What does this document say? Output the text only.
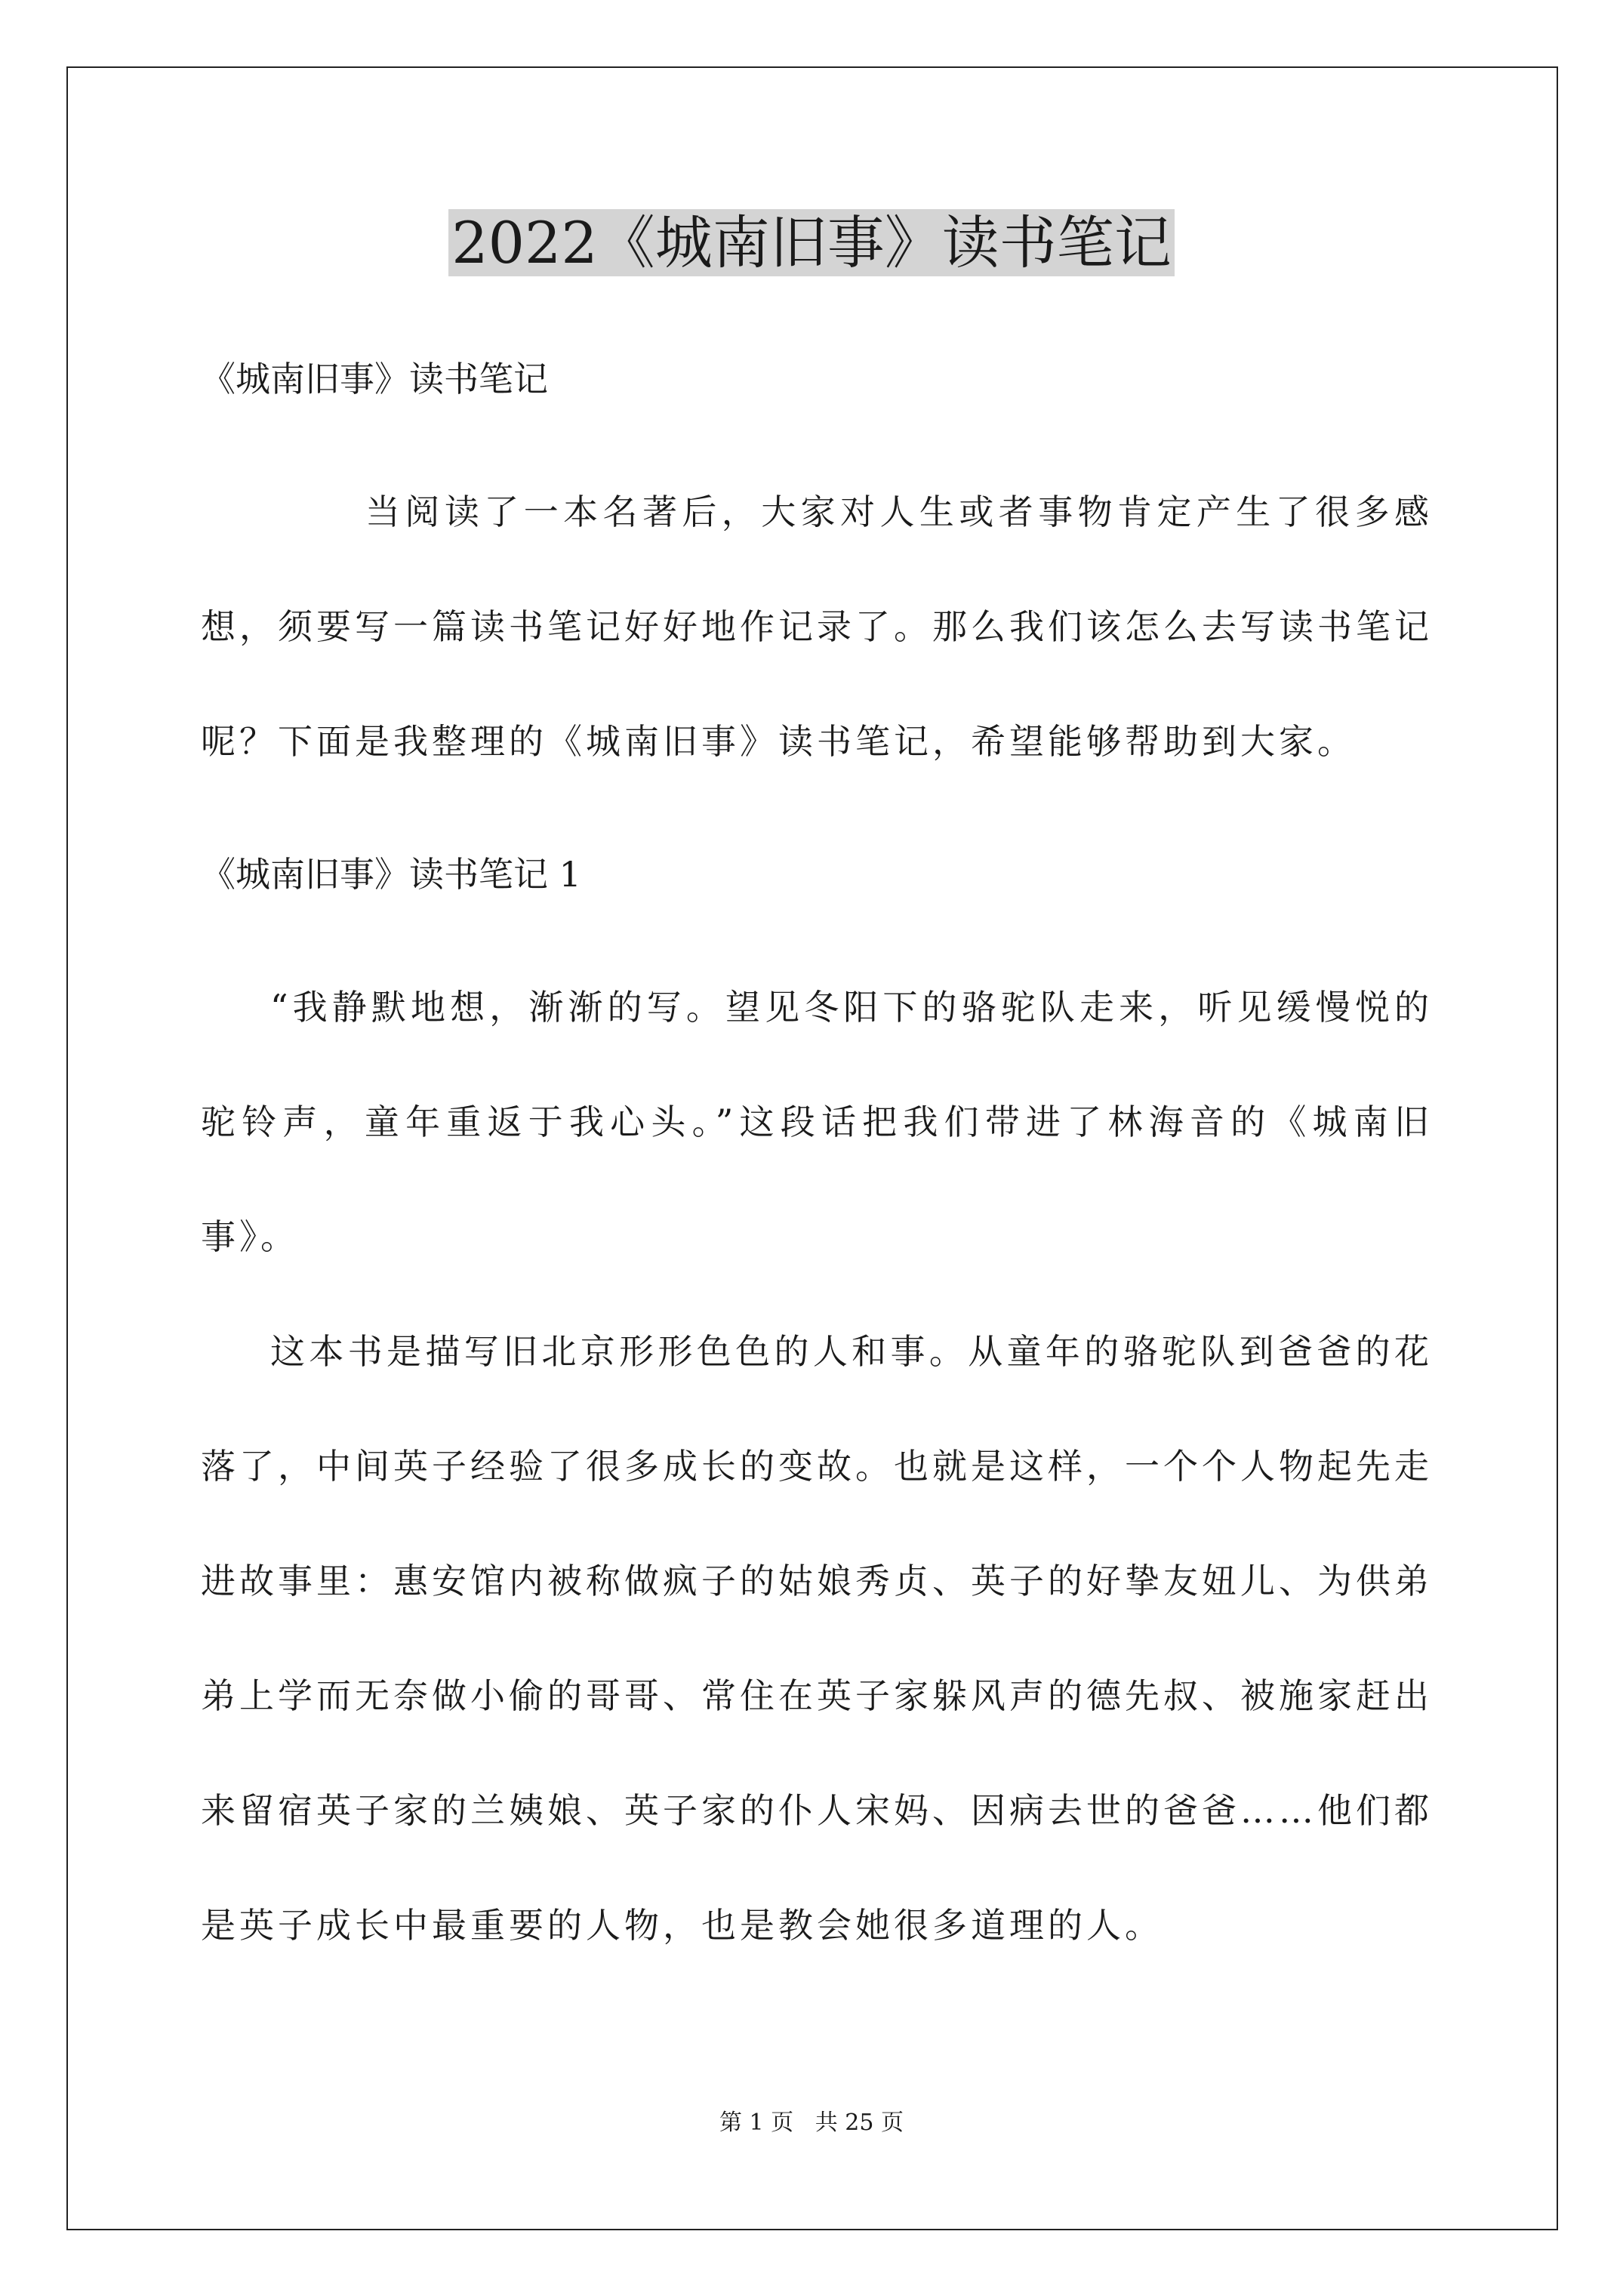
2022《城南旧事》读书笔记

《城南旧事》读书笔记

当阅读了一本名著后，大家对人生或者事物肯定产生了很多感想，须要写一篇读书笔记好好地作记录了。那么我们该怎么去写读书笔记呢？下面是我整理的《城南旧事》读书笔记，希望能够帮助到大家。

《城南旧事》读书笔记 1

“我静默地想，渐渐的写。望见冬阳下的骆驼队走来，听见缓慢悦的驼铃声，童年重返于我心头。”这段话把我们带进了林海音的《城南旧事》。

这本书是描写旧北京形形色色的人和事。从童年的骆驼队到爸爸的花落了，中间英子经验了很多成长的变故。也就是这样，一个个人物起先走进故事里：惠安馆内被称做疯子的姑娘秀贞、英子的好挚友妞儿、为供弟弟上学而无奈做小偷的哥哥、常住在英子家躲风声的德先叔、被施家赶出来留宿英子家的兰姨娘、英子家的仆人宋妈、因病去世的爸爸……他们都是英子成长中最重要的人物，也是教会她很多道理的人。

第 1 页   共 25 页
